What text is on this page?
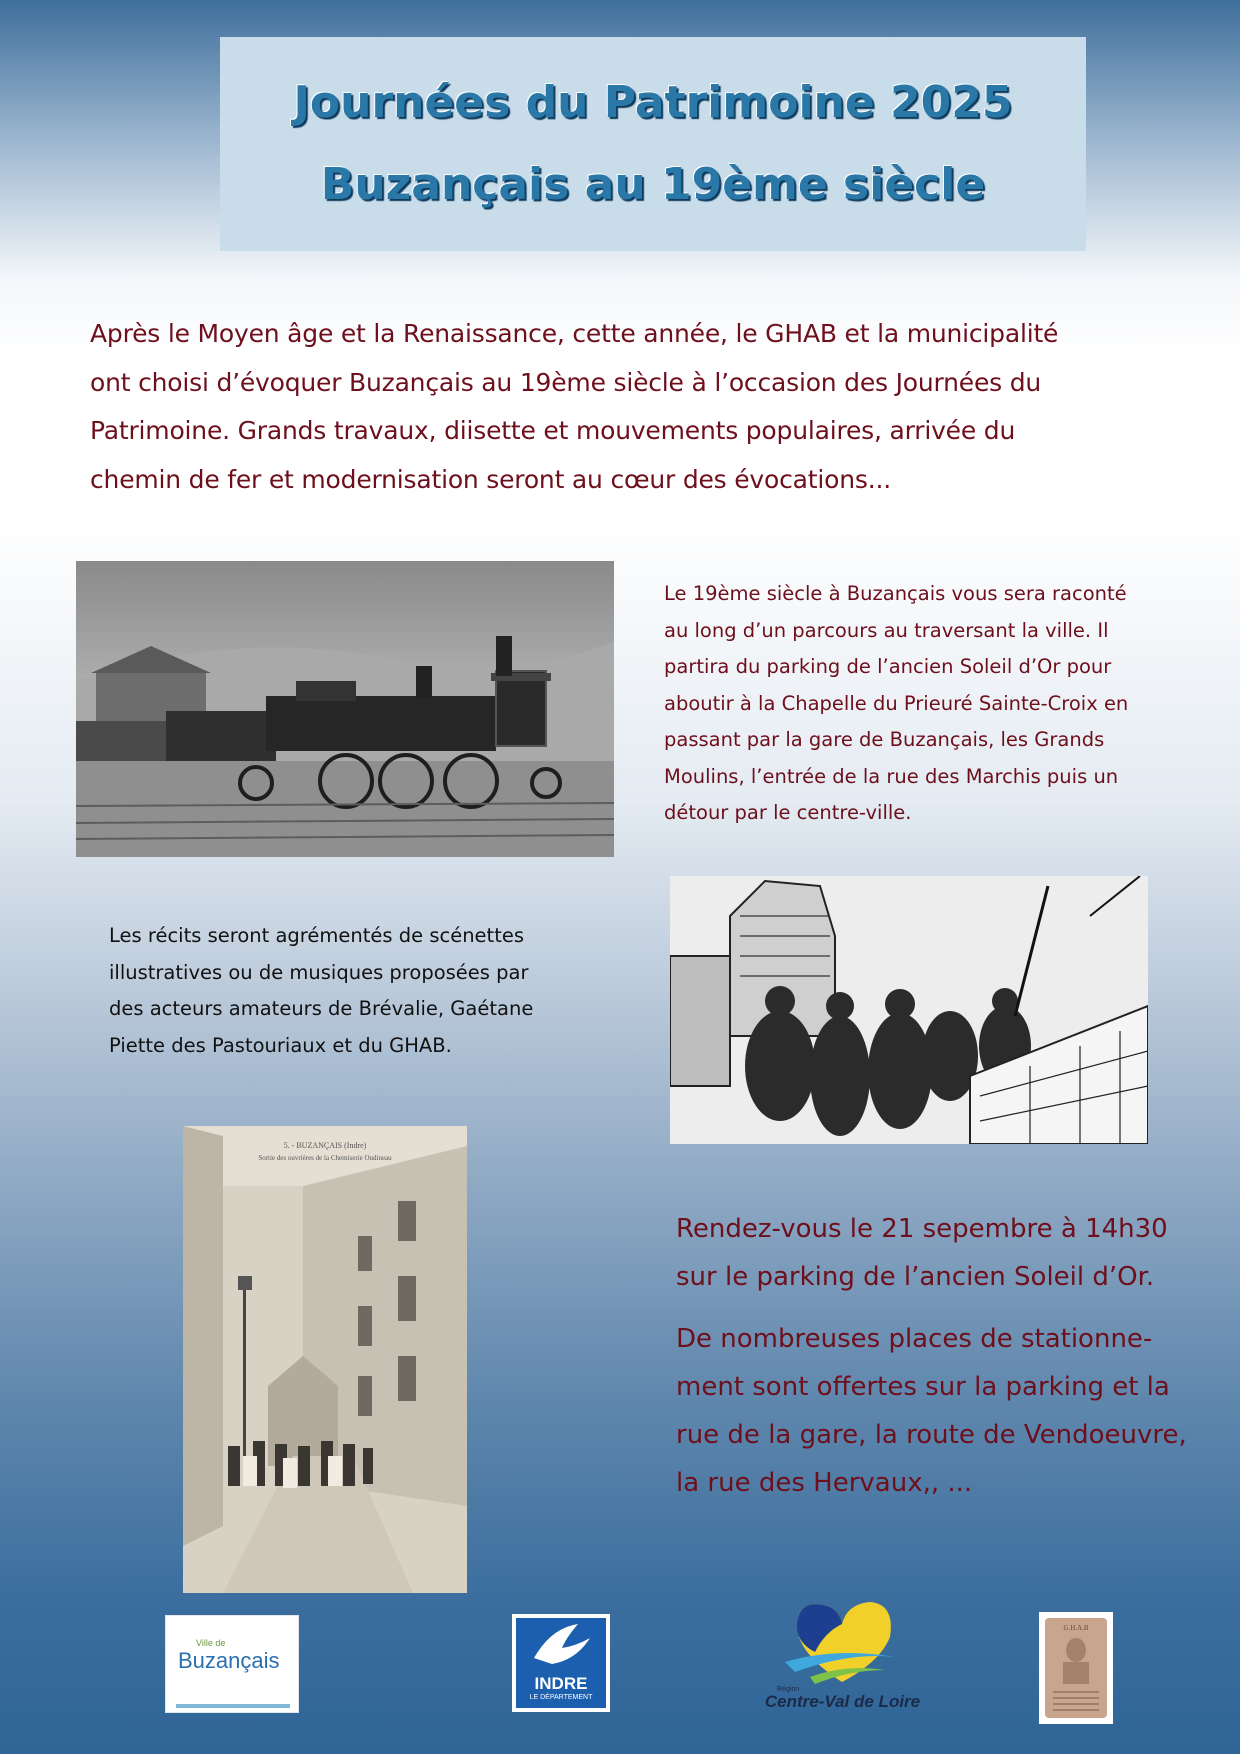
Journées du Patrimoine 2025
Buzançais au 19ème siècle
Après le Moyen âge et la Renaissance, cette année, le GHAB et la municipalité
ont choisi d’évoquer Buzançais au 19ème siècle à l’occasion des Journées du
Patrimoine. Grands travaux, diisette et mouvements populaires, arrivée du
chemin de fer et modernisation seront au cœur des évocations...
Le 19ème siècle à Buzançais vous sera raconté
au long d’un parcours au traversant la ville. Il
partira du parking de l’ancien Soleil d’Or pour
aboutir à la Chapelle du Prieuré Sainte-Croix en
passant par la gare de Buzançais, les Grands
Moulins, l’entrée de la rue des Marchis puis un
détour par le centre-ville.
Les récits seront agrémentés de scénettes
illustratives ou de musiques proposées par
des acteurs amateurs de Brévalie, Gaétane
Piette des Pastouriaux et du GHAB.
5. - BUZANÇAIS (Indre)
Sortie des ouvrières de la Chemiserie Oudineau
Rendez-vous le 21 sepembre à 14h30
sur le parking de l’ancien Soleil d’Or.
De nombreuses places de stationne-
ment sont offertes sur la parking et la
rue de la gare, la route de Vendoeuvre,
la rue des Hervaux,, ...
Ville de
Buzançais
INDRE
LE DÉPARTEMENT
Région
Centre-Val de Loire
G.H.A.B
